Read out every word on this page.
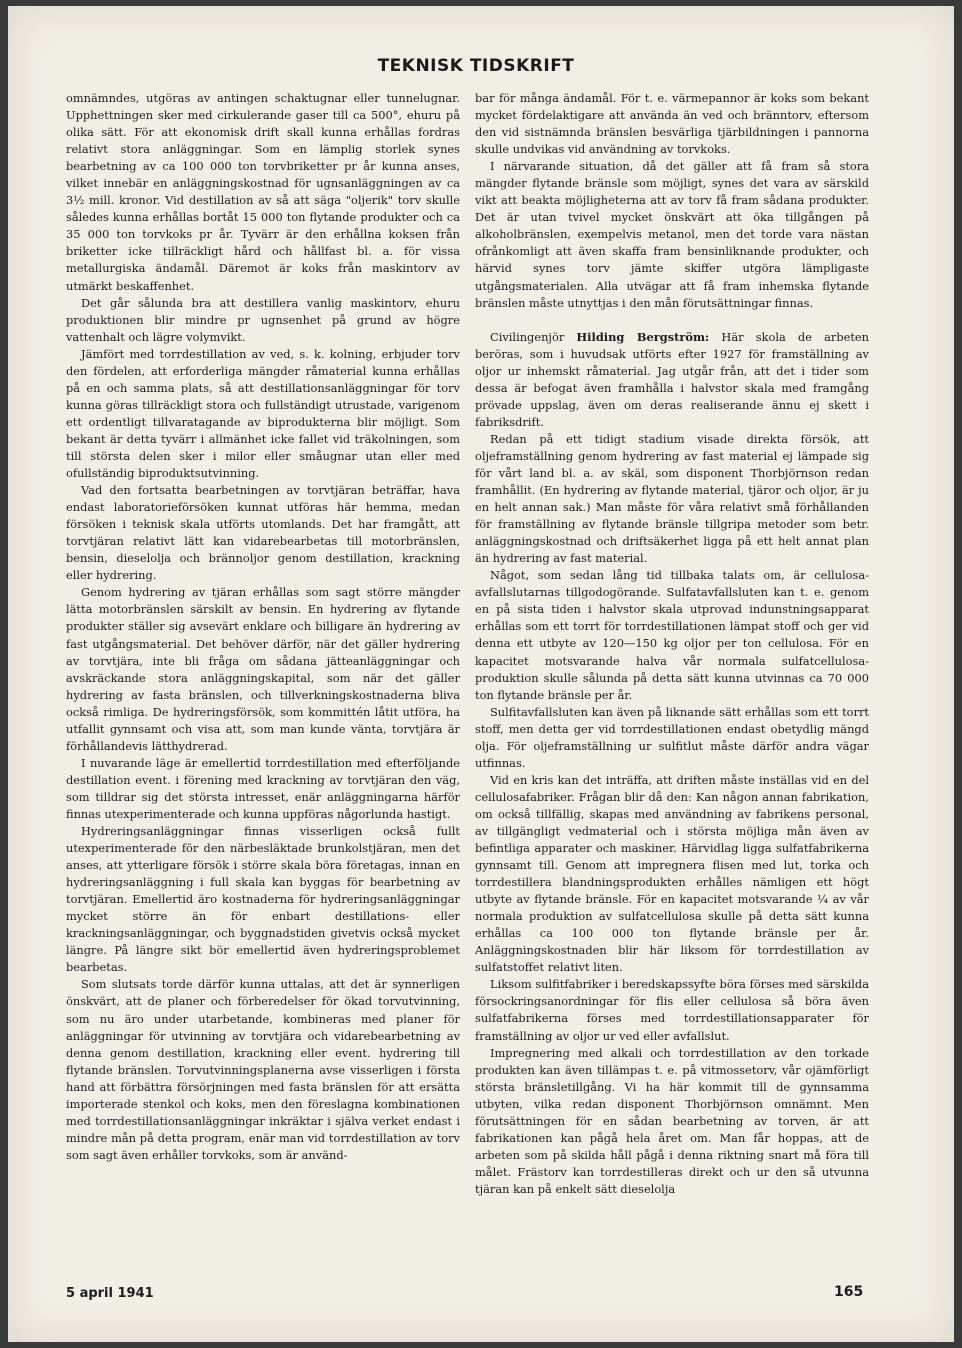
TEKNISK TIDSKRIFT

omnämndes, utgöras av antingen schaktugnar eller tunnelugnar. Upphettningen sker med cirkulerande gaser till ca 500°, ehuru på olika sätt. För att ekonomisk drift skall kunna erhållas fordras relativt stora anläggningar. Som en lämplig storlek synes bearbetning av ca 100 000 ton torvbriketter pr år kunna anses, vilket innebär en anläggningskostnad för ugnsanläggningen av ca 3½ mill. kronor. Vid destillation av så att säga "oljerik" torv skulle således kunna erhållas bortåt 15 000 ton flytande produkter och ca 35 000 ton torvkoks pr år. Tyvärr är den erhållna koksen från briketter icke tillräckligt hård och hållfast bl. a. för vissa metallurgiska ändamål. Däremot är koks från maskintorv av utmärkt beskaffenhet.

Det går sålunda bra att destillera vanlig maskintorv, ehuru produktionen blir mindre pr ugnsenhet på grund av högre vattenhalt och lägre volymvikt.

Jämfört med torrdestillation av ved, s. k. kolning, erbjuder torv den fördelen, att erforderliga mängder råmaterial kunna erhållas på en och samma plats, så att destillationsanläggningar för torv kunna göras tillräckligt stora och fullständigt utrustade, varigenom ett ordentligt tillvaratagande av biprodukterna blir möjligt. Som bekant är detta tyvärr i allmänhet icke fallet vid träkolningen, som till största delen sker i milor eller småugnar utan eller med ofullständig biproduktsutvinning.

Vad den fortsatta bearbetningen av torvtjäran beträffar, hava endast laboratorieförsöken kunnat utföras här hemma, medan försöken i teknisk skala utförts utomlands. Det har framgått, att torvtjäran relativt lätt kan vidarebearbetas till motorbränslen, bensin, dieselolja och brännoljor genom destillation, krackning eller hydrering.

Genom hydrering av tjäran erhållas som sagt större mängder lätta motorbränslen särskilt av bensin. En hydrering av flytande produkter ställer sig avsevärt enklare och billigare än hydrering av fast utgångsmaterial. Det behöver därför, när det gäller hydrering av torvtjära, inte bli fråga om sådana jätteanläggningar och avskräckande stora anläggningskapital, som när det gäller hydrering av fasta bränslen, och tillverkningskostnaderna bliva också rimliga. De hydreringsförsök, som kommittén låtit utföra, ha utfallit gynnsamt och visa att, som man kunde vänta, torvtjära är förhållandevis lätthydrerad.

I nuvarande läge är emellertid torrdestillation med efterföljande destillation event. i förening med krackning av torvtjäran den väg, som tilldrar sig det största intresset, enär anläggningarna härför finnas utexperimenterade och kunna uppföras någorlunda hastigt.

Hydreringsanläggningar finnas visserligen också fullt utexperimenterade för den närbesläktade brunkolstjäran, men det anses, att ytterligare försök i större skala böra företagas, innan en hydreringsanläggning i full skala kan byggas för bearbetning av torvtjäran. Emellertid äro kostnaderna för hydreringsanläggningar mycket större än för enbart destillations- eller krackningsanläggningar, och byggnadstiden givetvis också mycket längre. På längre sikt bör emellertid även hydreringsproblemet bearbetas.

Som slutsats torde därför kunna uttalas, att det är synnerligen önskvärt, att de planer och förberedelser för ökad torvutvinning, som nu äro under utarbetande, kombineras med planer för anläggningar för utvinning av torvtjära och vidarebearbetning av denna genom destillation, krackning eller event. hydrering till flytande bränslen. Torvutvinningsplanerna avse visserligen i första hand att förbättra försörjningen med fasta bränslen för att ersätta importerade stenkol och koks, men den föreslagna kombinationen med torrdestillationsanläggningar inkräktar i själva verket endast i mindre mån på detta program, enär man vid torrdestillation av torv som sagt även erhåller torvkoks, som är använd-

bar för många ändamål. För t. e. värmepannor är koks som bekant mycket fördelaktigare att använda än ved och bränntorv, eftersom den vid sistnämnda bränslen besvärliga tjärbildningen i pannorna skulle undvikas vid användning av torvkoks.

I närvarande situation, då det gäller att få fram så stora mängder flytande bränsle som möjligt, synes det vara av särskild vikt att beakta möjligheterna att av torv få fram sådana produkter. Det är utan tvivel mycket önskvärt att öka tillgången på alkoholbränslen, exempelvis metanol, men det torde vara nästan ofrånkomligt att även skaffa fram bensinliknande produkter, och härvid synes torv jämte skiffer utgöra lämpligaste utgångsmaterialen. Alla utvägar att få fram inhemska flytande bränslen måste utnyttjas i den mån förutsättningar finnas.

Civilingenjör Hilding Bergström: Här skola de arbeten beröras, som i huvudsak utförts efter 1927 för framställning av oljor ur inhemskt råmaterial. Jag utgår från, att det i tider som dessa är befogat även framhålla i halvstor skala med framgång prövade uppslag, även om deras realiserande ännu ej skett i fabriksdrift.

Redan på ett tidigt stadium visade direkta försök, att oljeframställning genom hydrering av fast material ej lämpade sig för vårt land bl. a. av skäl, som disponent Thorbjörnson redan framhållit. (En hydrering av flytande material, tjäror och oljor, är ju en helt annan sak.) Man måste för våra relativt små förhållanden för framställning av flytande bränsle tillgripa metoder som betr. anläggningskostnad och driftsäkerhet ligga på ett helt annat plan än hydrering av fast material.

Något, som sedan lång tid tillbaka talats om, är cellulosa-avfallslutarnas tillgodogörande. Sulfatavfallsluten kan t. e. genom en på sista tiden i halvstor skala utprovad indunstningsapparat erhållas som ett torrt för torrdestillationen lämpat stoff och ger vid denna ett utbyte av 120—150 kg oljor per ton cellulosa. För en kapacitet motsvarande halva vår normala sulfatcellulosa-produktion skulle sålunda på detta sätt kunna utvinnas ca 70 000 ton flytande bränsle per år.

Sulfitavfallsluten kan även på liknande sätt erhållas som ett torrt stoff, men detta ger vid torrdestillationen endast obetydlig mängd olja. För oljeframställning ur sulfitlut måste därför andra vägar utfinnas.

Vid en kris kan det inträffa, att driften måste inställas vid en del cellulosafabriker. Frågan blir då den: Kan någon annan fabrikation, om också tillfällig, skapas med användning av fabrikens personal, av tillgängligt vedmaterial och i största möjliga mån även av befintliga apparater och maskiner. Härvidlag ligga sulfatfabrikerna gynnsamt till. Genom att impregnera flisen med lut, torka och torrdestillera blandningsprodukten erhålles nämligen ett högt utbyte av flytande bränsle. För en kapacitet motsvarande ¼ av vår normala produktion av sulfatcellulosa skulle på detta sätt kunna erhållas ca 100 000 ton flytande bränsle per år. Anläggningskostnaden blir här liksom för torrdestillation av sulfatstoffet relativt liten.

Liksom sulfitfabriker i beredskapssyfte böra förses med särskilda försockringsanordningar för flis eller cellulosa så böra även sulfatfabrikerna förses med torrdestillationsapparater för framställning av oljor ur ved eller avfallslut.

Impregnering med alkali och torrdestillation av den torkade produkten kan även tillämpas t. e. på vitmossetorv, vår ojämförligt största bränsletillgång. Vi ha här kommit till de gynnsamma utbyten, vilka redan disponent Thorbjörnson omnämnt. Men förutsättningen för en sådan bearbetning av torven, är att fabrikationen kan pågå hela året om. Man får hoppas, att de arbeten som på skilda håll pågå i denna riktning snart må föra till målet. Frästorv kan torrdestilleras direkt och ur den så utvunna tjäran kan på enkelt sätt dieselolja

5 april 1941	165
